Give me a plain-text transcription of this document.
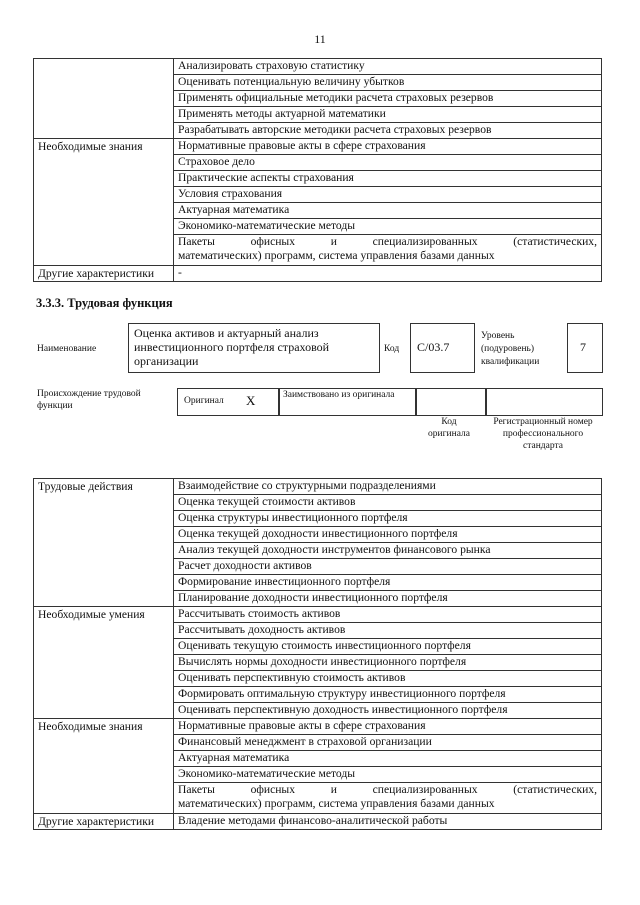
11
	Анализировать страховую статистику
	Оценивать потенциальную величину убытков
	Применять официальные методики расчета страховых резервов
	Применять методы актуарной математики
	Разрабатывать авторские методики расчета страховых резервов
Необходимые знания	Нормативные правовые акты в сфере страхования
	Страховое дело
	Практические аспекты страхования
	Условия страхования
	Актуарная математика
	Экономико-математические методы

	Пакеты офисных и специализированных (статистических,
математических) программ, система управления базами данных
Другие характеристики	-
3.3.3. Трудовая функция
Наименование
Оценка активов и актуарный анализ инвестиционного портфеля страховой организации
Код C/03.7
Уровень (подуровень) квалификации
7
Происхождение трудовой функции	Оригинал X	Заимствовано из оригинала
Код оригинала
Регистрационный номер профессионального стандарта
Трудовые действия	Взаимодействие со структурными подразделениями
	Оценка текущей стоимости активов
	Оценка структуры инвестиционного портфеля
	Оценка текущей доходности инвестиционного портфеля
	Анализ текущей доходности инструментов финансового рынка
	Расчет доходности активов
	Формирование инвестиционного портфеля
	Планирование доходности инвестиционного портфеля
Необходимые умения	Рассчитывать стоимость активов
	Рассчитывать доходность активов
	Оценивать текущую стоимость инвестиционного портфеля
	Вычислять нормы доходности инвестиционного портфеля
	Оценивать перспективную стоимость активов
	Формировать оптимальную структуру инвестиционного портфеля
	Оценивать перспективную доходность инвестиционного портфеля
Необходимые знания	Нормативные правовые акты в сфере страхования
	Финансовый менеджмент в страховой организации
	Актуарная математика
	Экономико-математические методы

	Пакеты офисных и специализированных (статистических,
математических) программ, система управления базами данных
Другие характеристики	Владение методами финансово-аналитической работы
